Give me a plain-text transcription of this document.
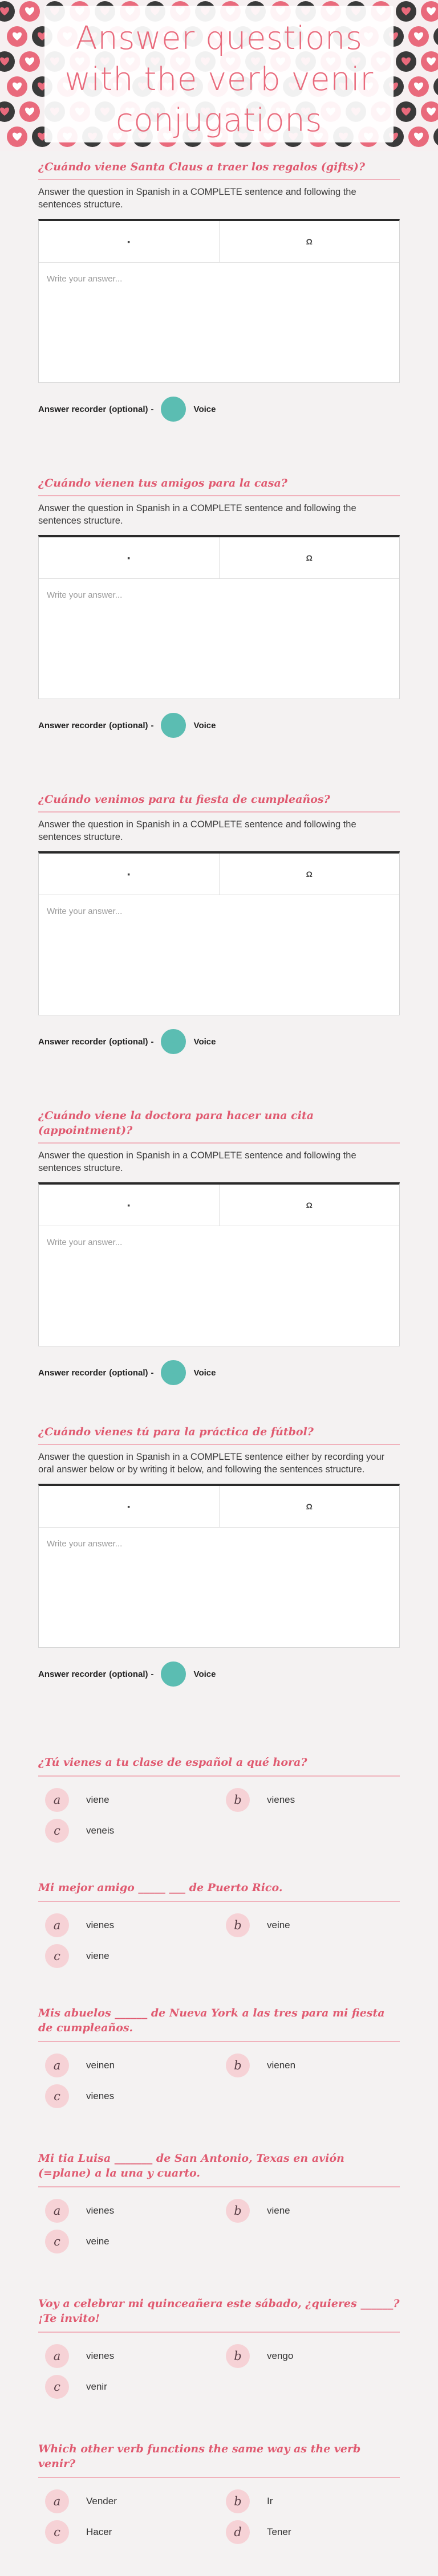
Answer questions with the verb venir conjugations
¿Cuándo viene Santa Claus a traer los regalos (gifts)?

Answer the question in Spanish in a COMPLETE sentence and following the sentences structure.

▪	Ω
Write your answer...
Answer recorder (optional) -	Voice
¿Cuándo vienen tus amigos para la casa?

Answer the question in Spanish in a COMPLETE sentence and following the sentences structure.

▪	Ω
Write your answer...
Answer recorder (optional) -	Voice
¿Cuándo venimos para tu fiesta de cumpleaños?

Answer the question in Spanish in a COMPLETE sentence and following the sentences structure.

▪	Ω
Write your answer...
Answer recorder (optional) -	Voice
¿Cuándo viene la doctora para hacer una cita (appointment)?

Answer the question in Spanish in a COMPLETE sentence and following the sentences structure.

▪	Ω
Write your answer...
Answer recorder (optional) -	Voice
¿Cuándo vienes tú para la práctica de fútbol?

Answer the question in Spanish in a COMPLETE sentence either by recording your oral answer below or by writing it below, and following the sentences structure.

▪	Ω
Write your answer...
Answer recorder (optional) -	Voice
¿Tú vienes a tu clase de español a qué hora?
a	viene	b	vienes
c	veneis
Mi mejor amigo _____ ___ de Puerto Rico.
a	vienes	b	veine
c	viene
Mis abuelos ______ de Nueva York a las tres para mi fiesta de cumpleaños.
a	veinen	b	vienen
c	vienes
Mi tia Luisa _______ de San Antonio, Texas en avión (=plane) a la una y cuarto.
a	vienes	b	viene
c	veine
Voy a celebrar mi quinceañera este sábado, ¿quieres ______? ¡Te invito!
a	vienes	b	vengo
c	venir
Which other verb functions the same way as the verb venir?
a	Vender	b	Ir
c	Hacer	d	Tener
